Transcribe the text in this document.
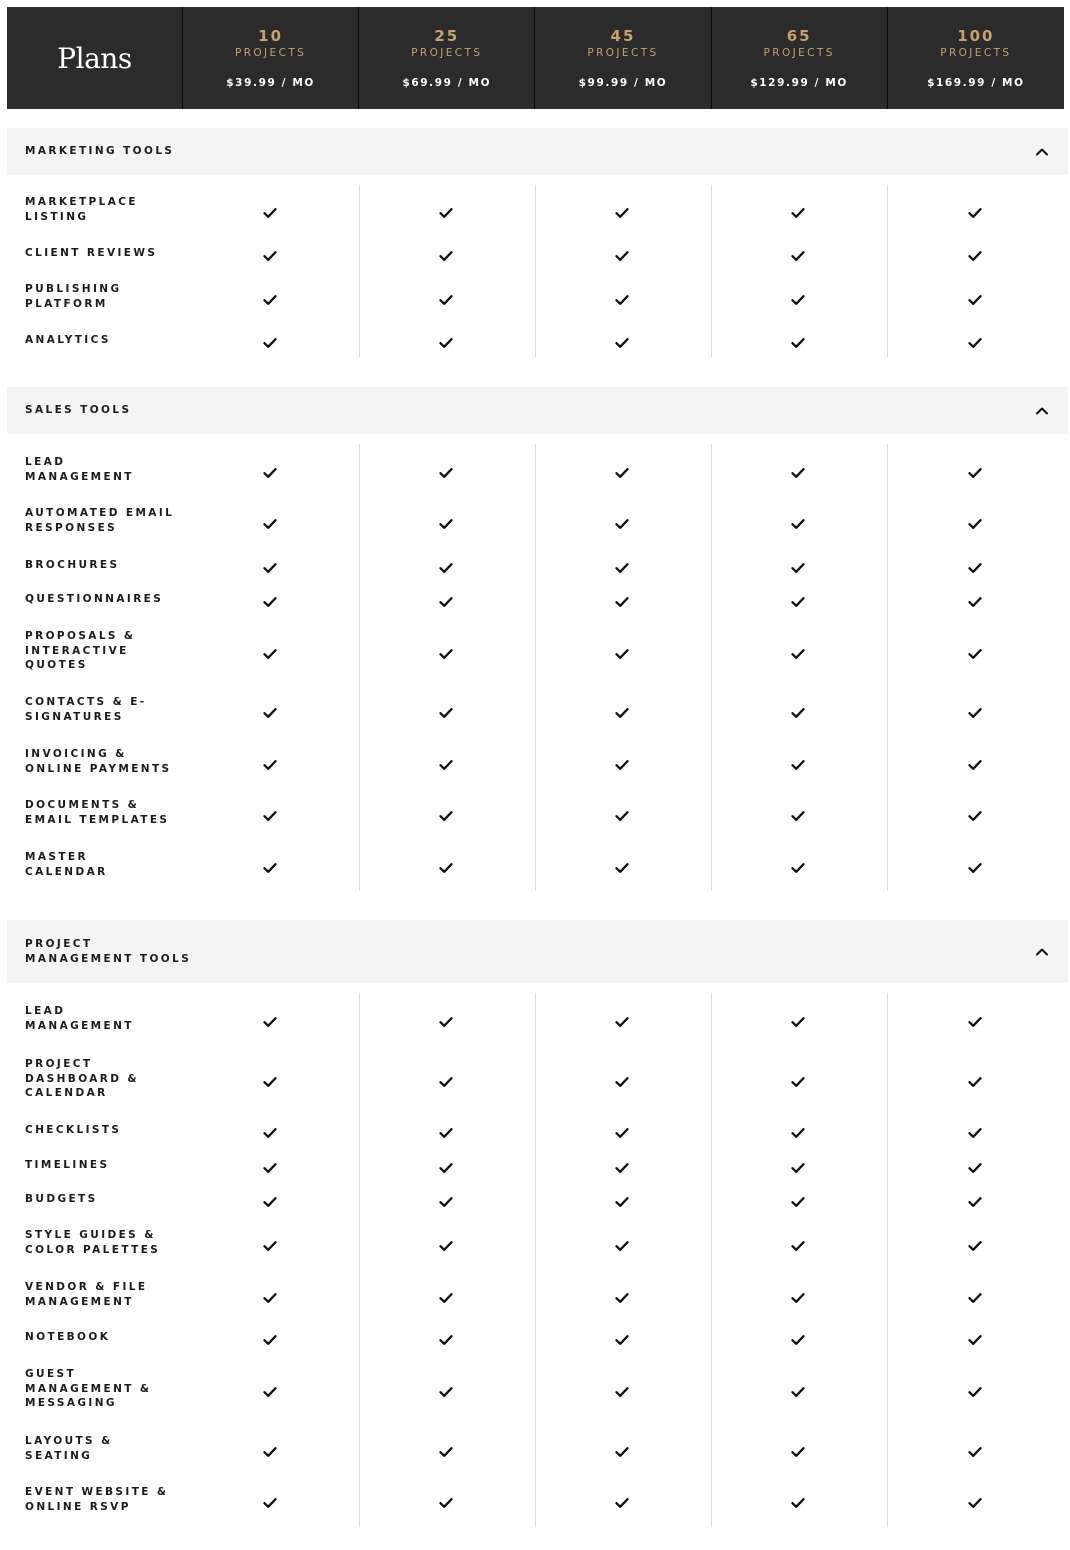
Plans
10
PROJECTS
$39.99 / MO
25
PROJECTS
$69.99 / MO
45
PROJECTS
$99.99 / MO
65
PROJECTS
$129.99 / MO
100
PROJECTS
$169.99 / MO
MARKETING TOOLS
MARKETPLACE
LISTING
CLIENT REVIEWS
PUBLISHING
PLATFORM
ANALYTICS
SALES TOOLS
LEAD
MANAGEMENT
AUTOMATED EMAIL
RESPONSES
BROCHURES
QUESTIONNAIRES
PROPOSALS &
INTERACTIVE
QUOTES
CONTACTS & E-
SIGNATURES
INVOICING &
ONLINE PAYMENTS
DOCUMENTS &
EMAIL TEMPLATES
MASTER
CALENDAR
PROJECT
MANAGEMENT TOOLS
LEAD
MANAGEMENT
PROJECT
DASHBOARD &
CALENDAR
CHECKLISTS
TIMELINES
BUDGETS
STYLE GUIDES &
COLOR PALETTES
VENDOR & FILE
MANAGEMENT
NOTEBOOK
GUEST
MANAGEMENT &
MESSAGING
LAYOUTS &
SEATING
EVENT WEBSITE &
ONLINE RSVP
